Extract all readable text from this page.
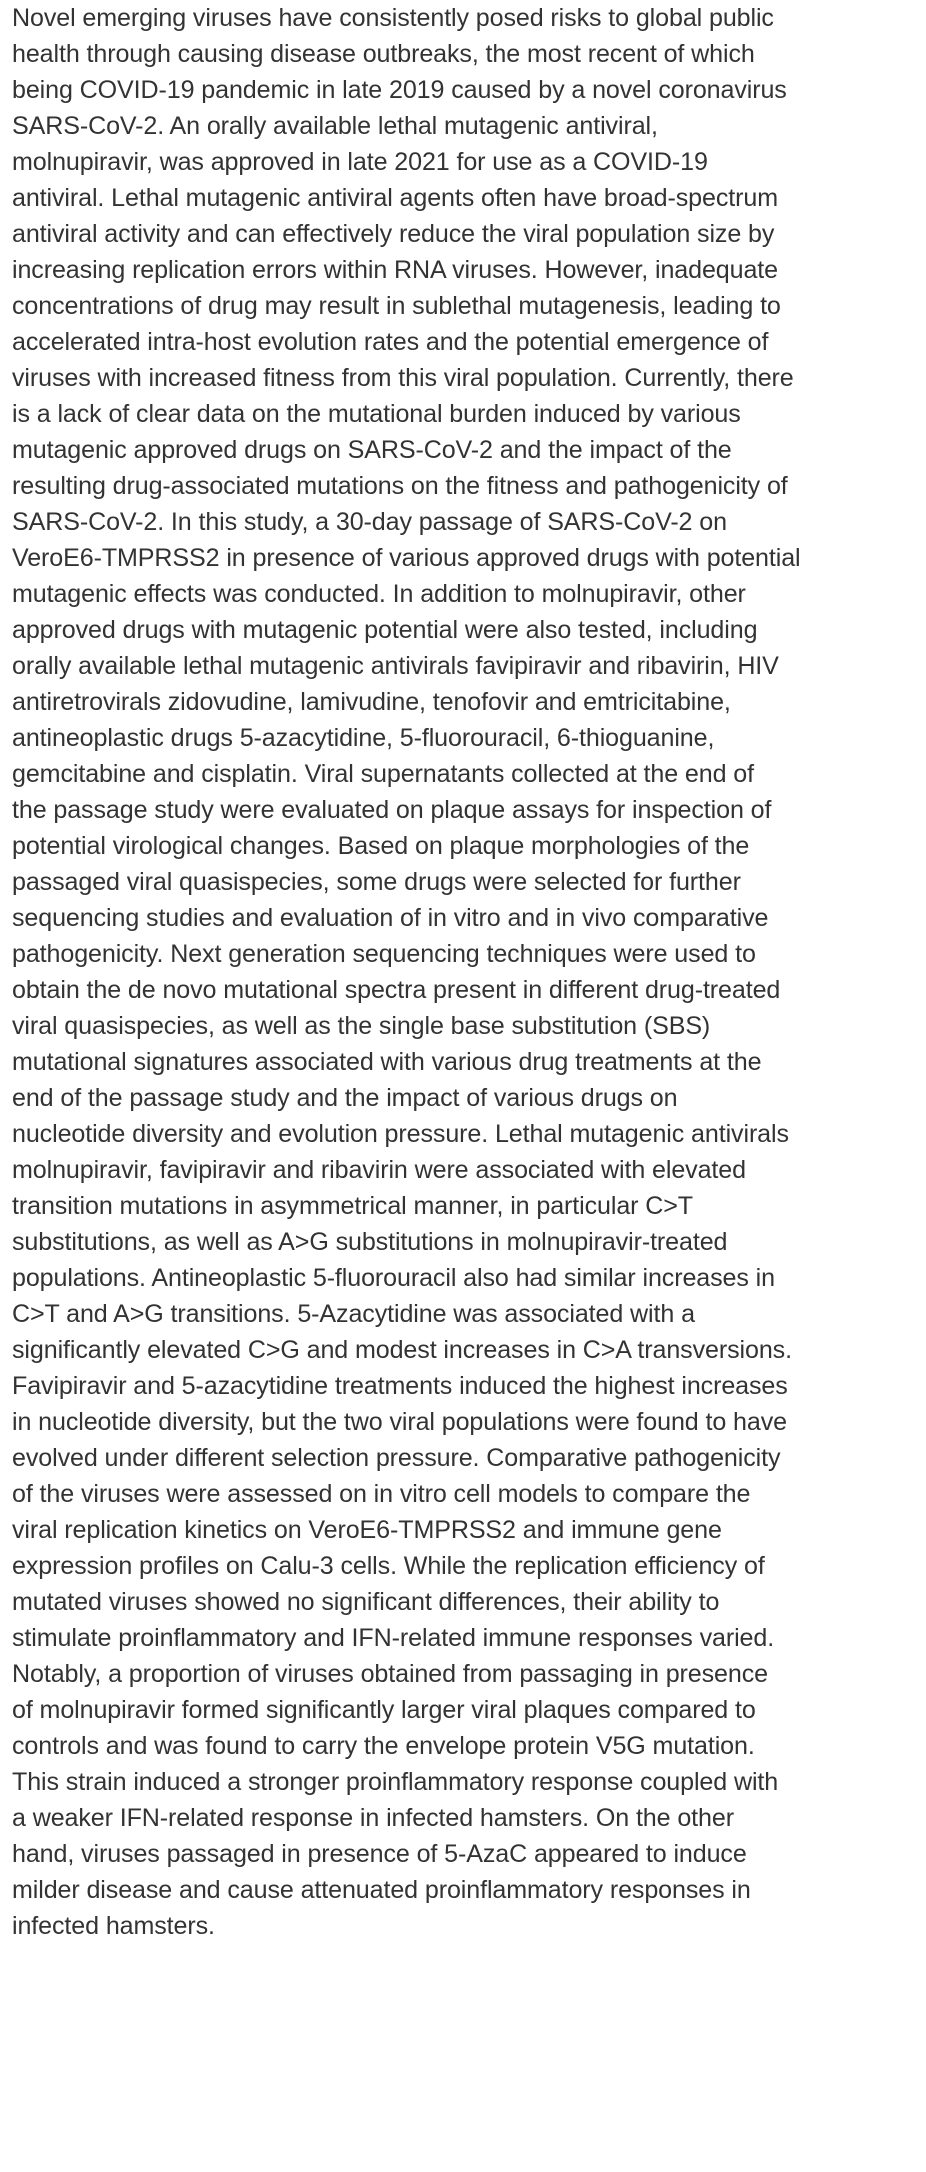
Novel emerging viruses have consistently posed risks to global publichealth through causing disease outbreaks, the most recent of whichbeing COVID-19 pandemic in late 2019 caused by a novel coronavirusSARS-CoV-2. An orally available lethal mutagenic antiviral,molnupiravir, was approved in late 2021 for use as a COVID-19antiviral. Lethal mutagenic antiviral agents often have broad-spectrumantiviral activity and can effectively reduce the viral population size byincreasing replication errors within RNA viruses. However, inadequateconcentrations of drug may result in sublethal mutagenesis, leading toaccelerated intra-host evolution rates and the potential emergence ofviruses with increased fitness from this viral population. Currently, thereis a lack of clear data on the mutational burden induced by variousmutagenic approved drugs on SARS-CoV-2 and the impact of theresulting drug-associated mutations on the fitness and pathogenicity ofSARS-CoV-2. In this study, a 30-day passage of SARS-CoV-2 onVeroE6-TMPRSS2 in presence of various approved drugs with potentialmutagenic effects was conducted. In addition to molnupiravir, otherapproved drugs with mutagenic potential were also tested, includingorally available lethal mutagenic antivirals favipiravir and ribavirin, HIVantiretrovirals zidovudine, lamivudine, tenofovir and emtricitabine,antineoplastic drugs 5-azacytidine, 5-fluorouracil, 6-thioguanine,gemcitabine and cisplatin. Viral supernatants collected at the end ofthe passage study were evaluated on plaque assays for inspection ofpotential virological changes. Based on plaque morphologies of thepassaged viral quasispecies, some drugs were selected for furthersequencing studies and evaluation of in vitro and in vivo comparativepathogenicity. Next generation sequencing techniques were used toobtain the de novo mutational spectra present in different drug-treatedviral quasispecies, as well as the single base substitution (SBS)mutational signatures associated with various drug treatments at theend of the passage study and the impact of various drugs onnucleotide diversity and evolution pressure. Lethal mutagenic antiviralsmolnupiravir, favipiravir and ribavirin were associated with elevatedtransition mutations in asymmetrical manner, in particular C>Tsubstitutions, as well as A>G substitutions in molnupiravir-treatedpopulations. Antineoplastic 5-fluorouracil also had similar increases inC>T and A>G transitions. 5-Azacytidine was associated with asignificantly elevated C>G and modest increases in C>A transversions.Favipiravir and 5-azacytidine treatments induced the highest increasesin nucleotide diversity, but the two viral populations were found to haveevolved under different selection pressure. Comparative pathogenicityof the viruses were assessed on in vitro cell models to compare theviral replication kinetics on VeroE6-TMPRSS2 and immune geneexpression profiles on Calu-3 cells. While the replication efficiency ofmutated viruses showed no significant differences, their ability tostimulate proinflammatory and IFN-related immune responses varied.Notably, a proportion of viruses obtained from passaging in presenceof molnupiravir formed significantly larger viral plaques compared tocontrols and was found to carry the envelope protein V5G mutation.This strain induced a stronger proinflammatory response coupled witha weaker IFN-related response in infected hamsters. On the otherhand, viruses passaged in presence of 5-AzaC appeared to inducemilder disease and cause attenuated proinflammatory responses ininfected hamsters.
